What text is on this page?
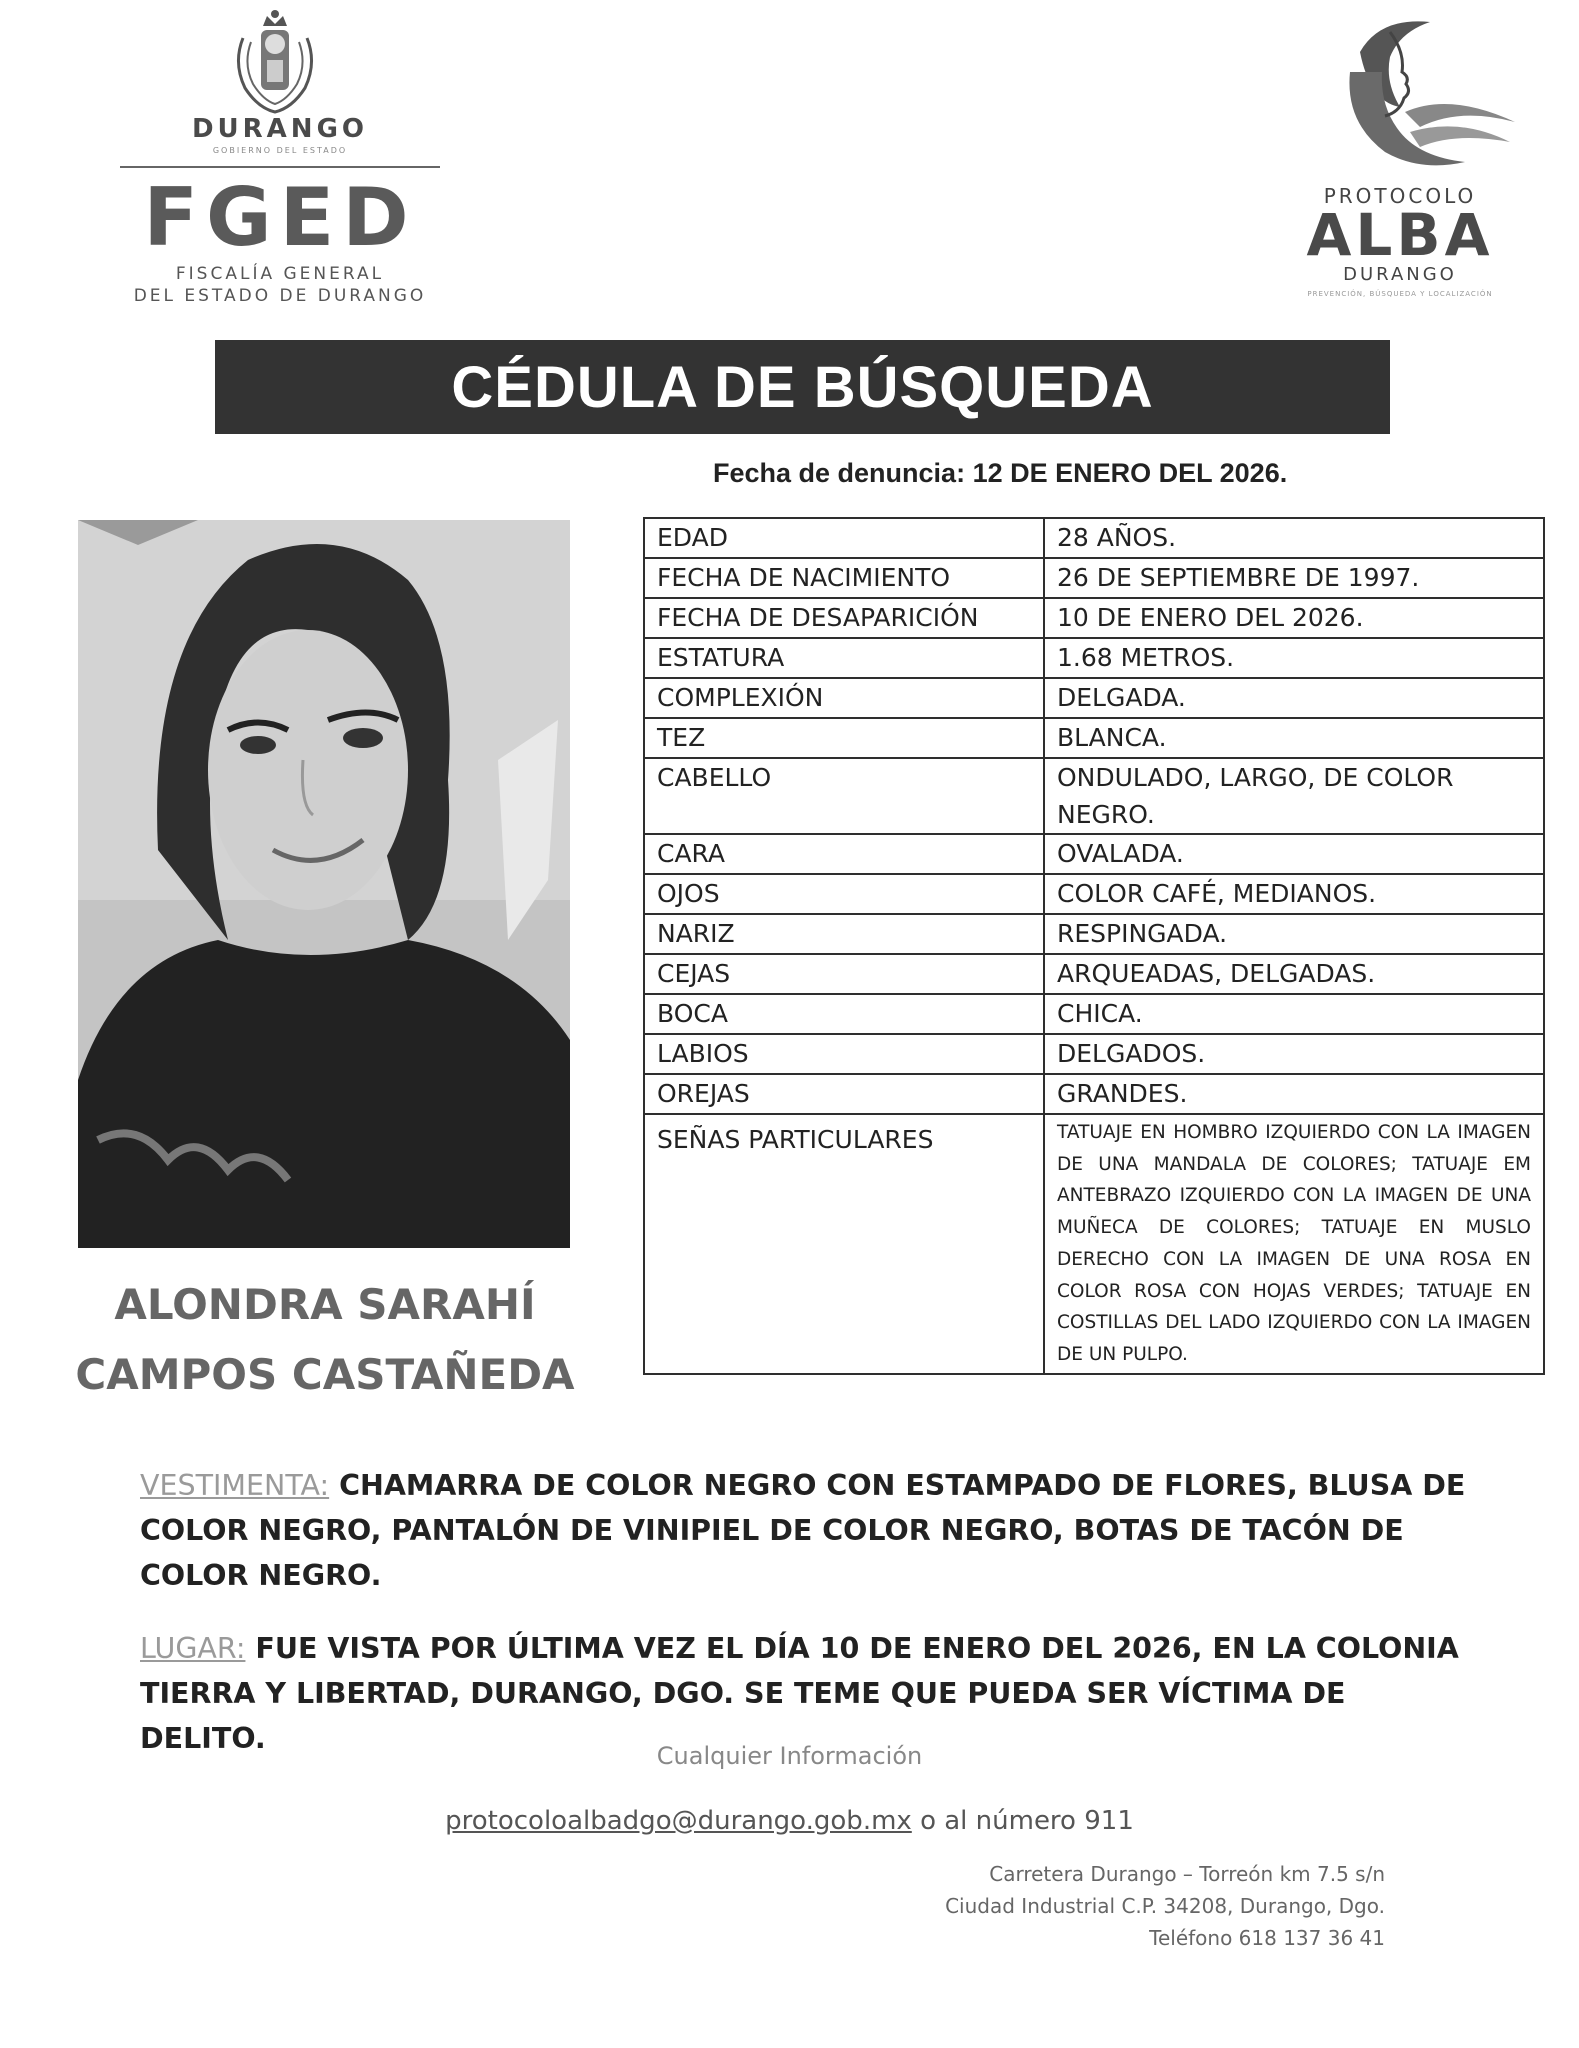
DURANGO
GOBIERNO DEL ESTADO
FGED
FISCALÍA GENERAL
DEL ESTADO DE DURANGO
PROTOCOLO
ALBA
DURANGO
PREVENCIÓN, BÚSQUEDA Y LOCALIZACIÓN
CÉDULA DE BÚSQUEDA
Fecha de denuncia: 12 DE ENERO DEL 2026.
ALONDRA SARAHÍ
CAMPOS CASTAÑEDA
EDAD	28 AÑOS.
FECHA DE NACIMIENTO	26 DE SEPTIEMBRE DE 1997.
FECHA DE DESAPARICIÓN	10 DE ENERO DEL 2026.
ESTATURA	1.68 METROS.
COMPLEXIÓN	DELGADA.
TEZ	BLANCA.
CABELLO	ONDULADO, LARGO, DE COLOR NEGRO.
CARA	OVALADA.
OJOS	COLOR CAFÉ, MEDIANOS.
NARIZ	RESPINGADA.
CEJAS	ARQUEADAS, DELGADAS.
BOCA	CHICA.
LABIOS	DELGADOS.
OREJAS	GRANDES.
SEÑAS PARTICULARES	TATUAJE EN HOMBRO IZQUIERDO CON LA IMAGEN DE UNA MANDALA DE COLORES; TATUAJE EM ANTEBRAZO IZQUIERDO CON LA IMAGEN DE UNA MUÑECA DE COLORES; TATUAJE EN MUSLO DERECHO CON LA IMAGEN DE UNA ROSA EN COLOR ROSA CON HOJAS VERDES; TATUAJE EN COSTILLAS DEL LADO IZQUIERDO CON LA IMAGEN DE UN PULPO.
VESTIMENTA: CHAMARRA DE COLOR NEGRO CON ESTAMPADO DE FLORES, BLUSA DE COLOR NEGRO, PANTALÓN DE VINIPIEL DE COLOR NEGRO, BOTAS DE TACÓN DE COLOR NEGRO.
LUGAR: FUE VISTA POR ÚLTIMA VEZ EL DÍA 10 DE ENERO DEL 2026, EN LA COLONIA TIERRA Y LIBERTAD, DURANGO, DGO. SE TEME QUE PUEDA SER VÍCTIMA DE DELITO.
Cualquier Información
protocoloalbadgo@durango.gob.mx o al número 911
Carretera Durango – Torreón km 7.5 s/n
Ciudad Industrial C.P. 34208, Durango, Dgo.
Teléfono 618 137 36 41
